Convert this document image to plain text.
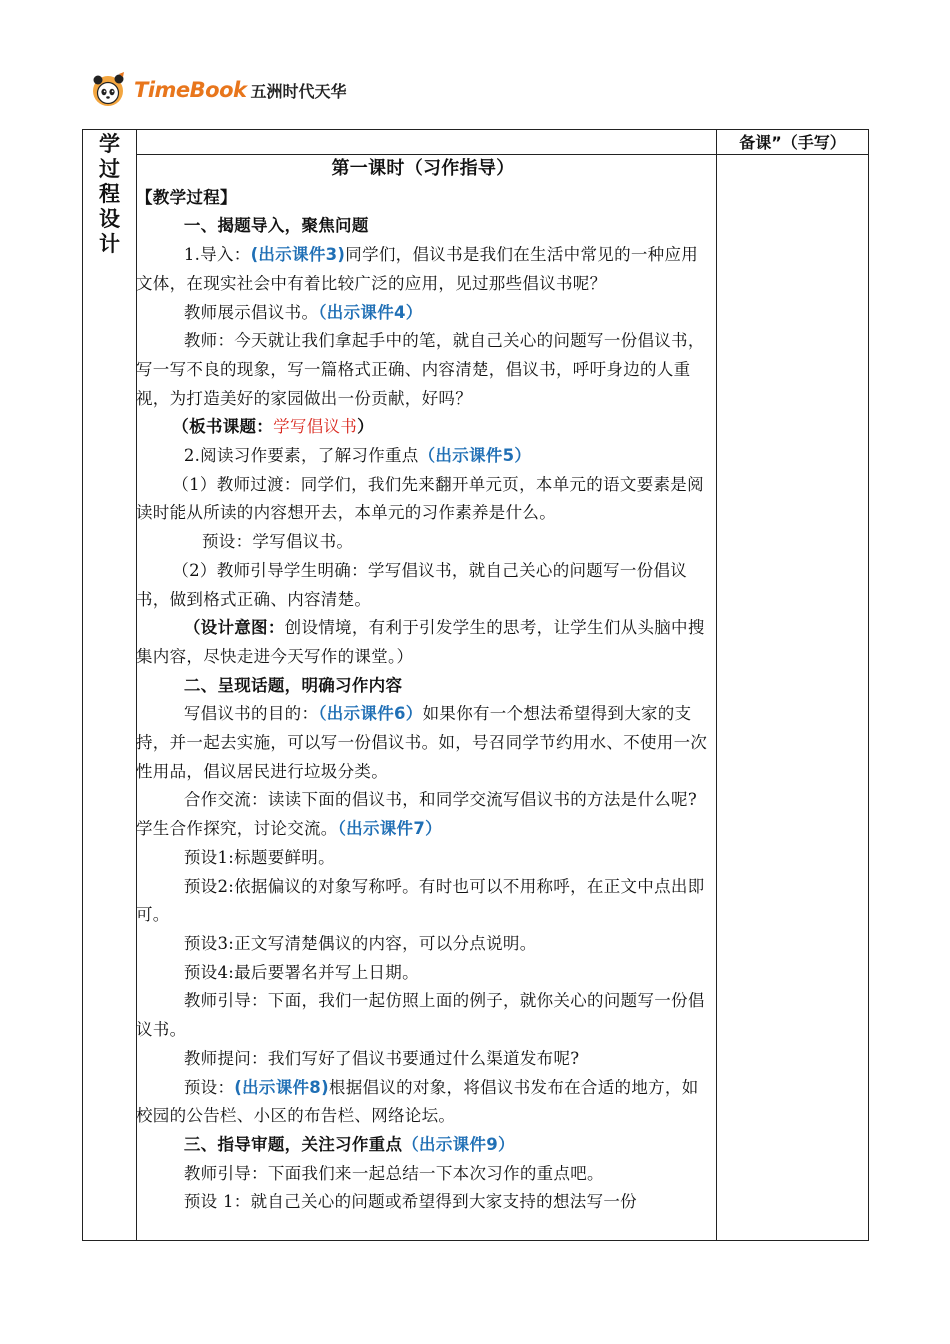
TimeBook 五洲时代天华
学
过
程
设
计
备课”（手写）

第一课时（习作指导）

【教学过程】

一、揭题导入，聚焦问题

1.导入：(出示课件3)同学们，倡议书是我们在生活中常见的一种应用文体，在现实社会中有着比较广泛的应用，见过那些倡议书呢？

教师展示倡议书。（出示课件4）

教师：今天就让我们拿起手中的笔，就自己关心的问题写一份倡议书，写一写不良的现象，写一篇格式正确、内容清楚，倡议书，呼吁身边的人重视，为打造美好的家园做出一份贡献，好吗？

（板书课题：学写倡议书）

2.阅读习作要素，了解习作重点（出示课件5）

（1）教师过渡：同学们，我们先来翻开单元页，本单元的语文要素是阅读时能从所读的内容想开去，本单元的习作素养是什么。

预设：学写倡议书。

（2）教师引导学生明确：学写倡议书，就自己关心的问题写一份倡议书，做到格式正确、内容清楚。

（设计意图：创设情境，有利于引发学生的思考，让学生们从头脑中搜集内容，尽快走进今天写作的课堂。）

二、呈现话题，明确习作内容

写倡议书的目的：（出示课件6）如果你有一个想法希望得到大家的支持，并一起去实施，可以写一份倡议书。如，号召同学节约用水、不使用一次性用品，倡议居民进行垃圾分类。

合作交流：读读下面的倡议书，和同学交流写倡议书的方法是什么呢?学生合作探究，讨论交流。（出示课件7）

预设1:标题要鲜明。

预设2:依据偏议的对象写称呼。有时也可以不用称呼，在正文中点出即可。

预设3:正文写清楚偶议的内容，可以分点说明。

预设4:最后要署名并写上日期。

教师引导：下面，我们一起仿照上面的例子，就你关心的问题写一份倡议书。

教师提问：我们写好了倡议书要通过什么渠道发布呢?

预设：(出示课件8)根据倡议的对象，将倡议书发布在合适的地方，如校园的公告栏、小区的布告栏、网络论坛。

三、指导审题，关注习作重点（出示课件9）

教师引导：下面我们来一起总结一下本次习作的重点吧。

预设 1：就自己关心的问题或希望得到大家支持的想法写一份
